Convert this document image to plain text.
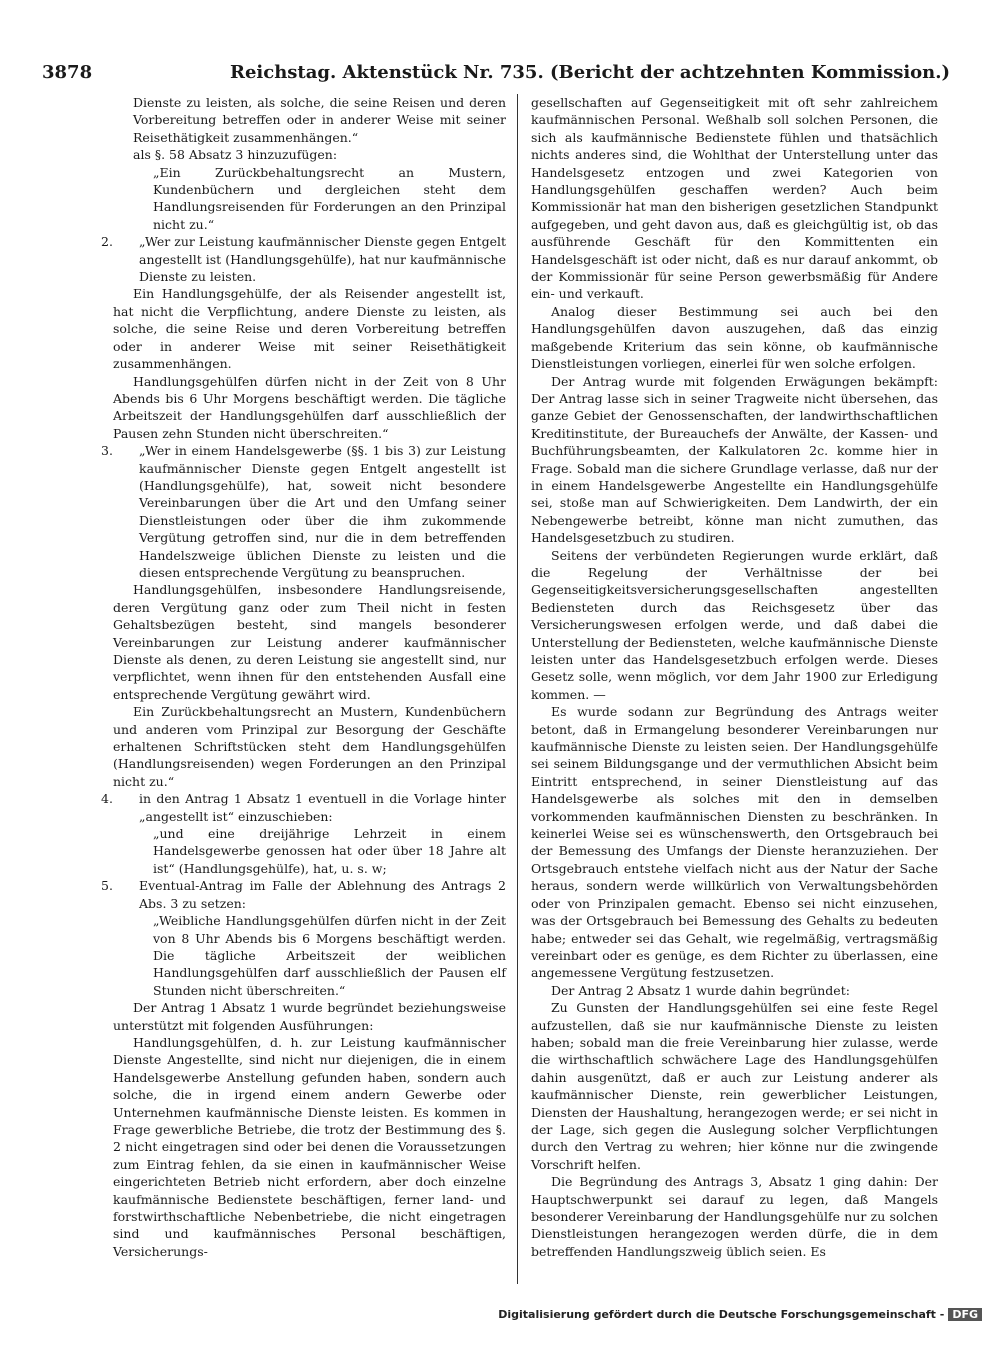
3878	Reichstag. Aktenstück Nr. 735. (Bericht der achtzehnten Kommission.)

Dienste zu leisten, als solche, die seine Reisen und deren Vorbereitung betreffen oder in anderer Weise mit seiner Reisethätigkeit zusammenhängen.“

als §. 58 Absatz 3 hinzuzufügen:

„Ein Zurückbehaltungsrecht an Mustern, Kundenbüchern und dergleichen steht dem Handlungsreisenden für Forderungen an den Prinzipal nicht zu.“

2. „Wer zur Leistung kaufmännischer Dienste gegen Entgelt angestellt ist (Handlungsgehülfe), hat nur kaufmännische Dienste zu leisten.

Ein Handlungsgehülfe, der als Reisender angestellt ist, hat nicht die Verpflichtung, andere Dienste zu leisten, als solche, die seine Reise und deren Vorbereitung betreffen oder in anderer Weise mit seiner Reisethätigkeit zusammenhängen.

Handlungsgehülfen dürfen nicht in der Zeit von 8 Uhr Abends bis 6 Uhr Morgens beschäftigt werden. Die tägliche Arbeitszeit der Handlungsgehülfen darf ausschließlich der Pausen zehn Stunden nicht überschreiten.“

3. „Wer in einem Handelsgewerbe (§§. 1 bis 3) zur Leistung kaufmännischer Dienste gegen Entgelt angestellt ist (Handlungsgehülfe), hat, soweit nicht besondere Vereinbarungen über die Art und den Umfang seiner Dienstleistungen oder über die ihm zukommende Vergütung getroffen sind, nur die in dem betreffenden Handelszweige üblichen Dienste zu leisten und die diesen entsprechende Vergütung zu beanspruchen.

Handlungsgehülfen, insbesondere Handlungsreisende, deren Vergütung ganz oder zum Theil nicht in festen Gehaltsbezügen besteht, sind mangels besonderer Vereinbarungen zur Leistung anderer kaufmännischer Dienste als denen, zu deren Leistung sie angestellt sind, nur verpflichtet, wenn ihnen für den entstehenden Ausfall eine entsprechende Vergütung gewährt wird.

Ein Zurückbehaltungsrecht an Mustern, Kundenbüchern und anderen vom Prinzipal zur Besorgung der Geschäfte erhaltenen Schriftstücken steht dem Handlungsgehülfen (Handlungsreisenden) wegen Forderungen an den Prinzipal nicht zu.“

4. in den Antrag 1 Absatz 1 eventuell in die Vorlage hinter „angestellt ist“ einzuschieben:

„und eine dreijährige Lehrzeit in einem Handelsgewerbe genossen hat oder über 18 Jahre alt ist“ (Handlungsgehülfe), hat, u. s. w;

5. Eventual-Antrag im Falle der Ablehnung des Antrags 2 Abs. 3 zu setzen:

„Weibliche Handlungsgehülfen dürfen nicht in der Zeit von 8 Uhr Abends bis 6 Morgens beschäftigt werden. Die tägliche Arbeitszeit der weiblichen Handlungsgehülfen darf ausschließlich der Pausen elf Stunden nicht überschreiten.“

Der Antrag 1 Absatz 1 wurde begründet beziehungsweise unterstützt mit folgenden Ausführungen:

Handlungsgehülfen, d. h. zur Leistung kaufmännischer Dienste Angestellte, sind nicht nur diejenigen, die in einem Handelsgewerbe Anstellung gefunden haben, sondern auch solche, die in irgend einem andern Gewerbe oder Unternehmen kaufmännische Dienste leisten. Es kommen in Frage gewerbliche Betriebe, die trotz der Bestimmung des §. 2 nicht eingetragen sind oder bei denen die Voraussetzungen zum Eintrag fehlen, da sie einen in kaufmännischer Weise eingerichteten Betrieb nicht erfordern, aber doch einzelne kaufmännische Bedienstete beschäftigen, ferner land- und forstwirthschaftliche Nebenbetriebe, die nicht eingetragen sind und kaufmännisches Personal beschäftigen, Versicherungs-

gesellschaften auf Gegenseitigkeit mit oft sehr zahlreichem kaufmännischen Personal. Weßhalb soll solchen Personen, die sich als kaufmännische Bedienstete fühlen und thatsächlich nichts anderes sind, die Wohlthat der Unterstellung unter das Handelsgesetz entzogen und zwei Kategorien von Handlungsgehülfen geschaffen werden? Auch beim Kommissionär hat man den bisherigen gesetzlichen Standpunkt aufgegeben, und geht davon aus, daß es gleichgültig ist, ob das ausführende Geschäft für den Kommittenten ein Handelsgeschäft ist oder nicht, daß es nur darauf ankommt, ob der Kommissionär für seine Person gewerbsmäßig für Andere ein- und verkauft.

Analog dieser Bestimmung sei auch bei den Handlungsgehülfen davon auszugehen, daß das einzig maßgebende Kriterium das sein könne, ob kaufmännische Dienstleistungen vorliegen, einerlei für wen solche erfolgen.

Der Antrag wurde mit folgenden Erwägungen bekämpft: Der Antrag lasse sich in seiner Tragweite nicht übersehen, das ganze Gebiet der Genossenschaften, der landwirthschaftlichen Kreditinstitute, der Bureauchefs der Anwälte, der Kassen- und Buchführungsbeamten, der Kalkulatoren 2c. komme hier in Frage. Sobald man die sichere Grundlage verlasse, daß nur der in einem Handelsgewerbe Angestellte ein Handlungsgehülfe sei, stoße man auf Schwierigkeiten. Dem Landwirth, der ein Nebengewerbe betreibt, könne man nicht zumuthen, das Handelsgesetzbuch zu studiren.

Seitens der verbündeten Regierungen wurde erklärt, daß die Regelung der Verhältnisse der bei Gegenseitigkeitsversicherungsgesellschaften angestellten Bediensteten durch das Reichsgesetz über das Versicherungswesen erfolgen werde, und daß dabei die Unterstellung der Bediensteten, welche kaufmännische Dienste leisten unter das Handelsgesetzbuch erfolgen werde. Dieses Gesetz solle, wenn möglich, vor dem Jahr 1900 zur Erledigung kommen. —

Es wurde sodann zur Begründung des Antrags weiter betont, daß in Ermangelung besonderer Vereinbarungen nur kaufmännische Dienste zu leisten seien. Der Handlungsgehülfe sei seinem Bildungsgange und der vermuthlichen Absicht beim Eintritt entsprechend, in seiner Dienstleistung auf das Handelsgewerbe als solches mit den in demselben vorkommenden kaufmännischen Diensten zu beschränken. In keinerlei Weise sei es wünschenswerth, den Ortsgebrauch bei der Bemessung des Umfangs der Dienste heranzuziehen. Der Ortsgebrauch entstehe vielfach nicht aus der Natur der Sache heraus, sondern werde willkürlich von Verwaltungsbehörden oder von Prinzipalen gemacht. Ebenso sei nicht einzusehen, was der Ortsgebrauch bei Bemessung des Gehalts zu bedeuten habe; entweder sei das Gehalt, wie regelmäßig, vertragsmäßig vereinbart oder es genüge, es dem Richter zu überlassen, eine angemessene Vergütung festzusetzen.

Der Antrag 2 Absatz 1 wurde dahin begründet:

Zu Gunsten der Handlungsgehülfen sei eine feste Regel aufzustellen, daß sie nur kaufmännische Dienste zu leisten haben; sobald man die freie Vereinbarung hier zulasse, werde die wirthschaftlich schwächere Lage des Handlungsgehülfen dahin ausgenützt, daß er auch zur Leistung anderer als kaufmännischer Dienste, rein gewerblicher Leistungen, Diensten der Haushaltung, herangezogen werde; er sei nicht in der Lage, sich gegen die Auslegung solcher Verpflichtungen durch den Vertrag zu wehren; hier könne nur die zwingende Vorschrift helfen.

Die Begründung des Antrags 3, Absatz 1 ging dahin: Der Hauptschwerpunkt sei darauf zu legen, daß Mangels besonderer Vereinbarung der Handlungsgehülfe nur zu solchen Dienstleistungen herangezogen werden dürfe, die in dem betreffenden Handlungszweig üblich seien. Es

Digitalisierung gefördert durch die Deutsche Forschungsgemeinschaft - DFG
